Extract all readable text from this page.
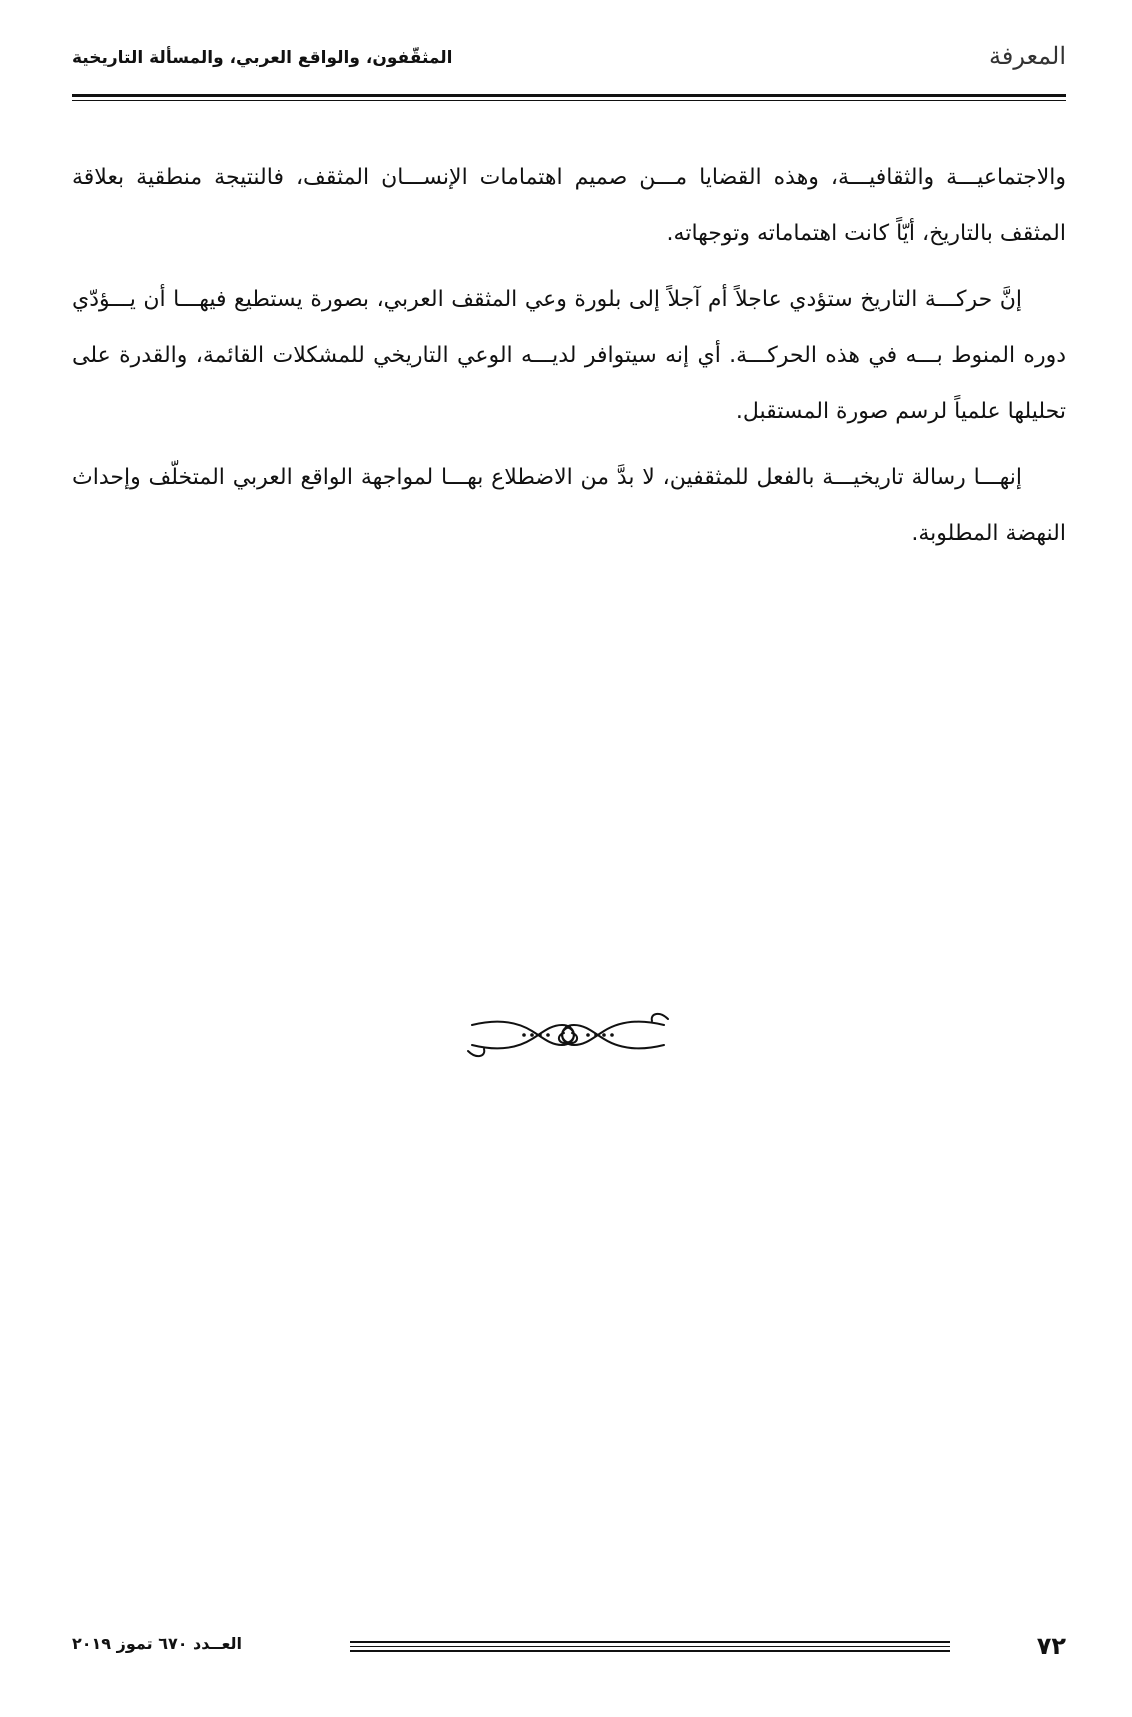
المعرفة
المثقّفون، والواقع العربي، والمسألة التاريخية

والاجتماعيـــة والثقافيـــة، وهذه القضايا مـــن صميم اهتمامات الإنســـان المثقف، فالنتيجة منطقية بعلاقة المثقف بالتاريخ، أيّاً كانت اهتماماته وتوجهاته.

إنَّ حركـــة التاريخ ستؤدي عاجلاً أم آجلاً إلى بلورة وعي المثقف العربي، بصورة يستطيع فيهـــا أن يـــؤدّي دوره المنوط بـــه في هذه الحركـــة. أي إنه سيتوافر لديـــه الوعي التاريخي للمشكلات القائمة، والقدرة على تحليلها علمياً لرسم صورة المستقبل.

إنهـــا رسالة تاريخيـــة بالفعل للمثقفين، لا بدَّ من الاضطلاع بهـــا لمواجهة الواقع العربي المتخلّف وإحداث النهضة المطلوبة.

٧٢
العــدد ٦٧٠ تموز ٢٠١٩
